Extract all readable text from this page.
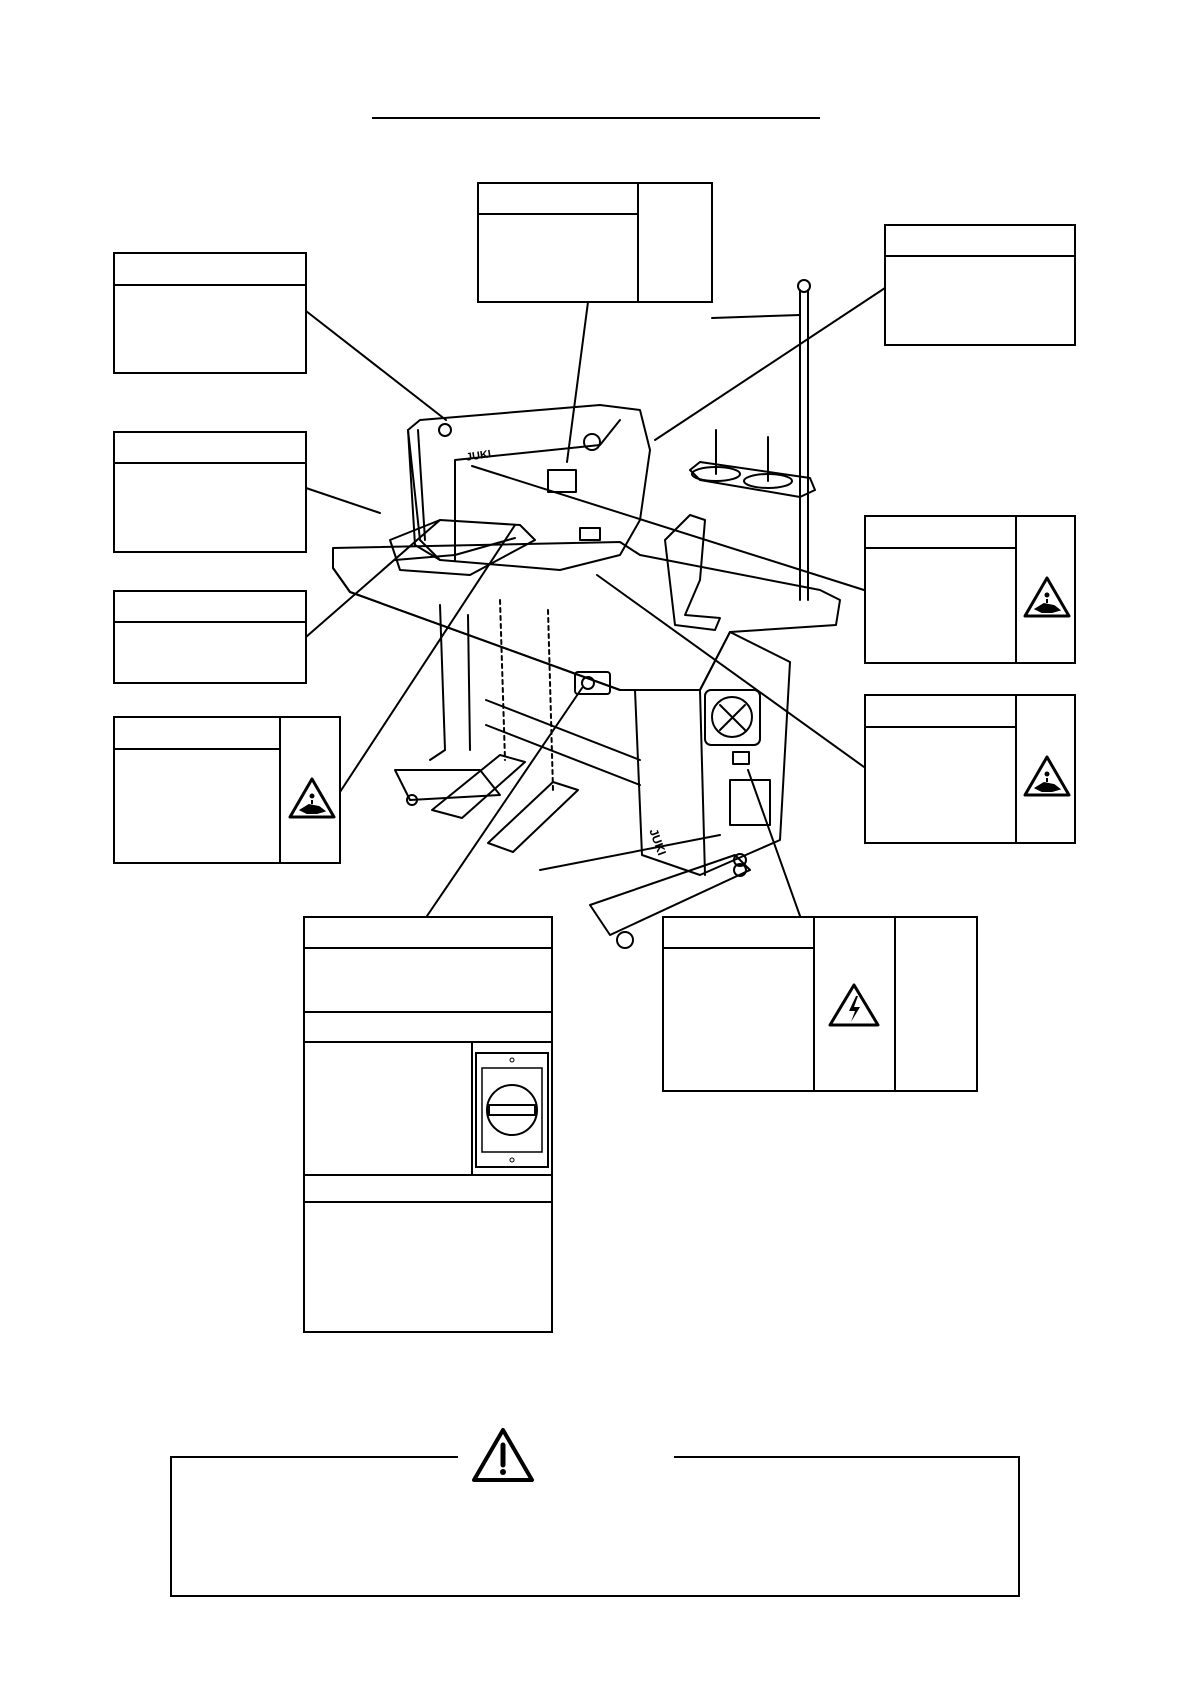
JUKI
JUKI
